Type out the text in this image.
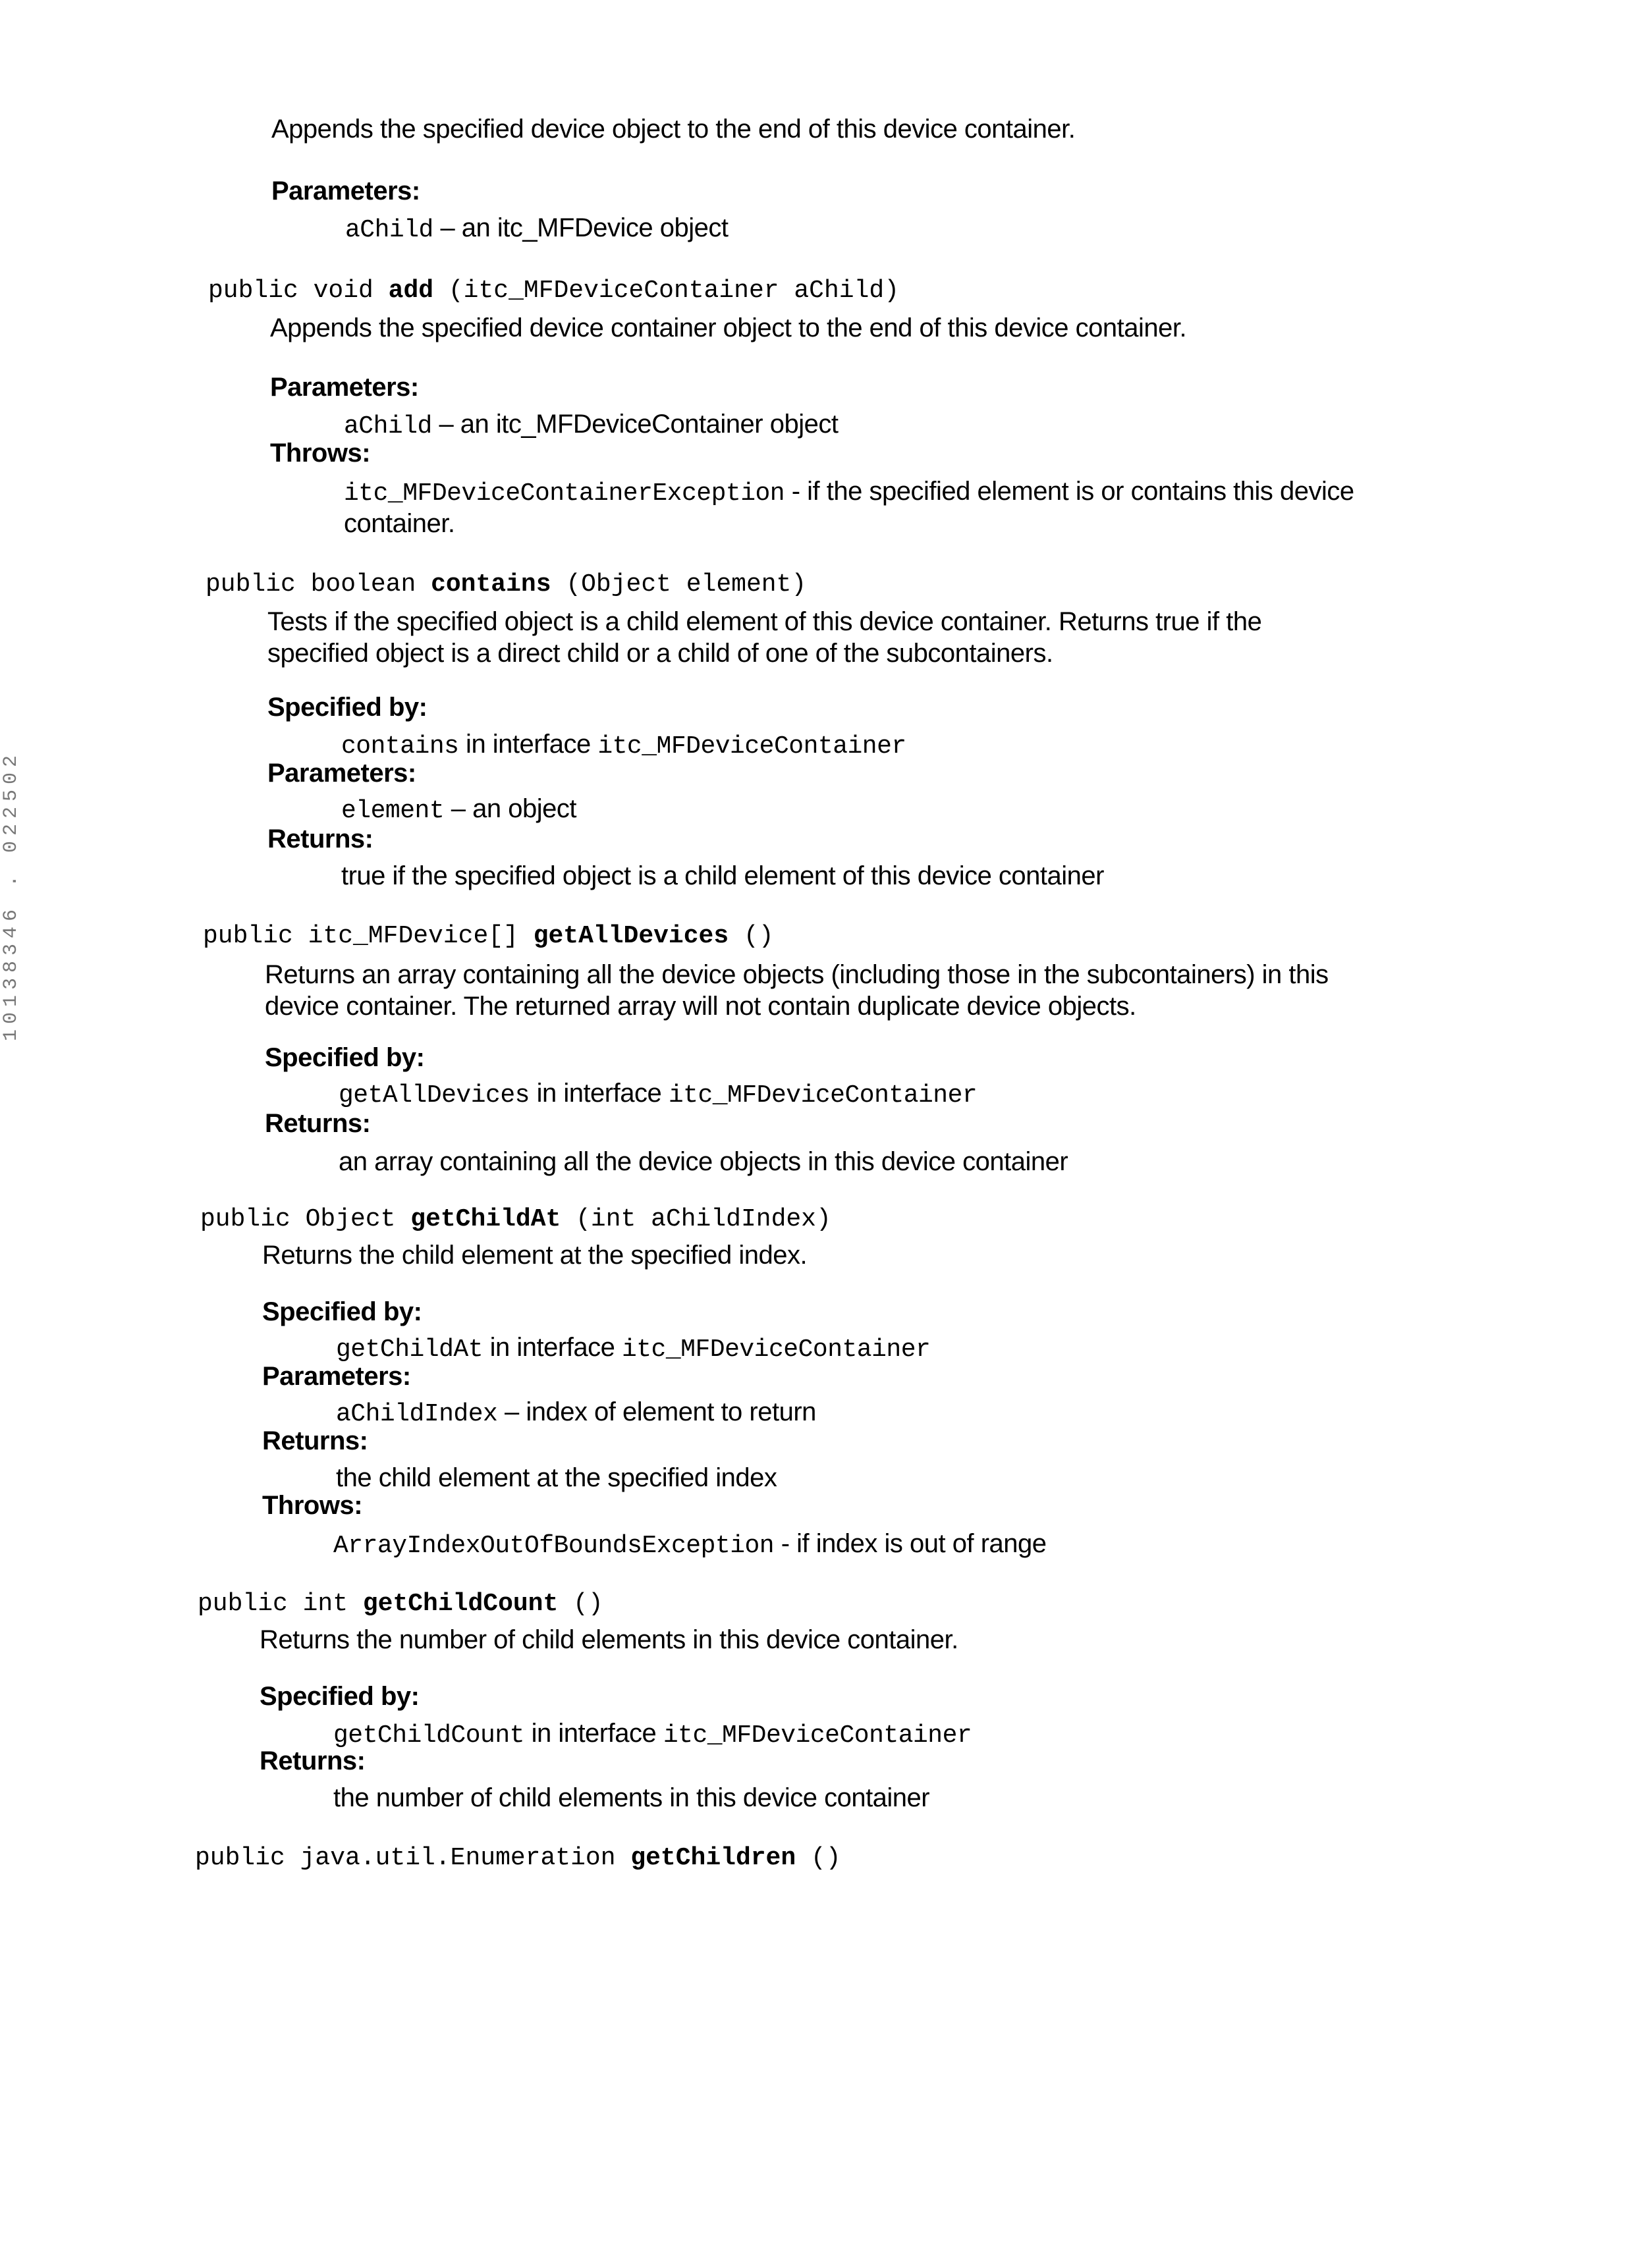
10138346 . 022502
Appends the specified device object to the end of this device container.
Parameters:
aChild – an itc_MFDevice object
public void add (itc_MFDeviceContainer aChild)
Appends the specified device container object to the end of this device container.
Parameters:
aChild – an itc_MFDeviceContainer object
Throws:
itc_MFDeviceContainerException - if the specified element is or contains this device container.
public boolean contains (Object element)
Tests if the specified object is a child element of this device container. Returns true if the specified object is a direct child or a child of one of the subcontainers.
Specified by:
contains in interface itc_MFDeviceContainer
Parameters:
element – an object
Returns:
true if the specified object is a child element of this device container
public itc_MFDevice[] getAllDevices ()
Returns an array containing all the device objects (including those in the subcontainers) in this device container. The returned array will not contain duplicate device objects.
Specified by:
getAllDevices in interface itc_MFDeviceContainer
Returns:
an array containing all the device objects in this device container
public Object getChildAt (int aChildIndex)
Returns the child element at the specified index.
Specified by:
getChildAt in interface itc_MFDeviceContainer
Parameters:
aChildIndex – index of element to return
Returns:
the child element at the specified index
Throws:
ArrayIndexOutOfBoundsException - if index is out of range
public int getChildCount ()
Returns the number of child elements in this device container.
Specified by:
getChildCount in interface itc_MFDeviceContainer
Returns:
the number of child elements in this device container
public java.util.Enumeration getChildren ()
